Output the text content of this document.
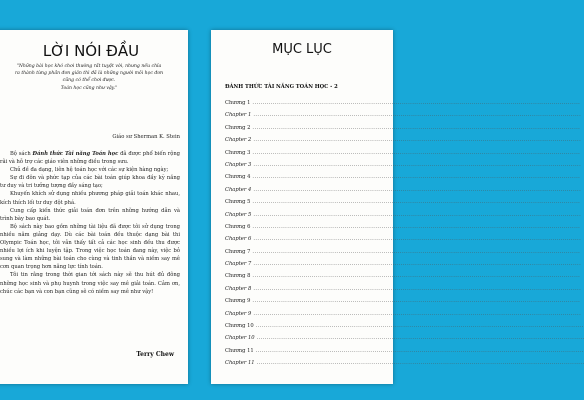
LỜI NÓI ĐẦU
"Những bài học khó chơi thường rất tuyệt vời, nhưng nếu chỉa
ra thành từng phần đơn giản thì đã là những người môi học đơn
cũng có thể chơi được.
Toán học cũng như vậy."
Giáo sư Sherman K. Stein

Bộ sách Đánh thức Tài năng Toán học đã được phổ biến rộng rãi và hỗ trợ các giáo viên những điều trong sưu.

Chủ đề đa dạng, liên hệ toán học với các sự kiện hàng ngày;

Sự đi đôn và phức tạp của các bài toán giúp khoa đầy kỹ năng tư duy và tri tưởng tượng đầy sáng tạo;

Khuyến khích sử dụng nhiều phương pháp giải toán khác nhau, kích thích lối tư duy đột phá.

Cung cấp kiến thức giải toán đơn trên những hướng dẫn và trình bày bao quát.

Bộ sách này bao gồm những tài liệu đã được tôi sử dụng trong nhiều năm giảng dạy. Dù các bài toán đều thuộc dạng bài thi Olympic Toán học, tôi vẫn thấy tất cả các học sinh đều thu được nhiều lợi ích khi luyện tập. Trong việc học toán đang này, việc bỏ sung và làm những bài toán cho cùng và tinh thần và niềm say mê cơn quan trọng hơn năng lực tính toán.

Tôi tin rằng trong thời gian tới sách này sẽ thu hút đủ đông những học sinh và phụ huynh trong việc say mê giải toán. Cảm ơn, chúc các bạn và con bạn cũng sẽ có niềm say mê như vậy!

Terry Chew
MỤC LỤC
ĐÁNH THỨC TÀI NĂNG TOÁN HỌC - 2
Chương 1 ................................................................................................................................................................
Chapter 1 ................................................................................................................................................................
Chương 2 ................................................................................................................................................................
Chapter 2 ................................................................................................................................................................
Chương 3 ................................................................................................................................................................
Chapter 3 ................................................................................................................................................................
Chương 4 ................................................................................................................................................................
Chapter 4 ................................................................................................................................................................
Chương 5 ................................................................................................................................................................
Chapter 5 ................................................................................................................................................................
Chương 6 ................................................................................................................................................................
Chapter 6 ................................................................................................................................................................
Chương 7 ................................................................................................................................................................
Chapter 7 ................................................................................................................................................................
Chương 8 ................................................................................................................................................................
Chapter 8 ................................................................................................................................................................
Chương 9 ................................................................................................................................................................
Chapter 9 ................................................................................................................................................................
Chương 10 ................................................................................................................................................................
Chapter 10 ................................................................................................................................................................
Chương 11 ................................................................................................................................................................
Chapter 11 ................................................................................................................................................................
